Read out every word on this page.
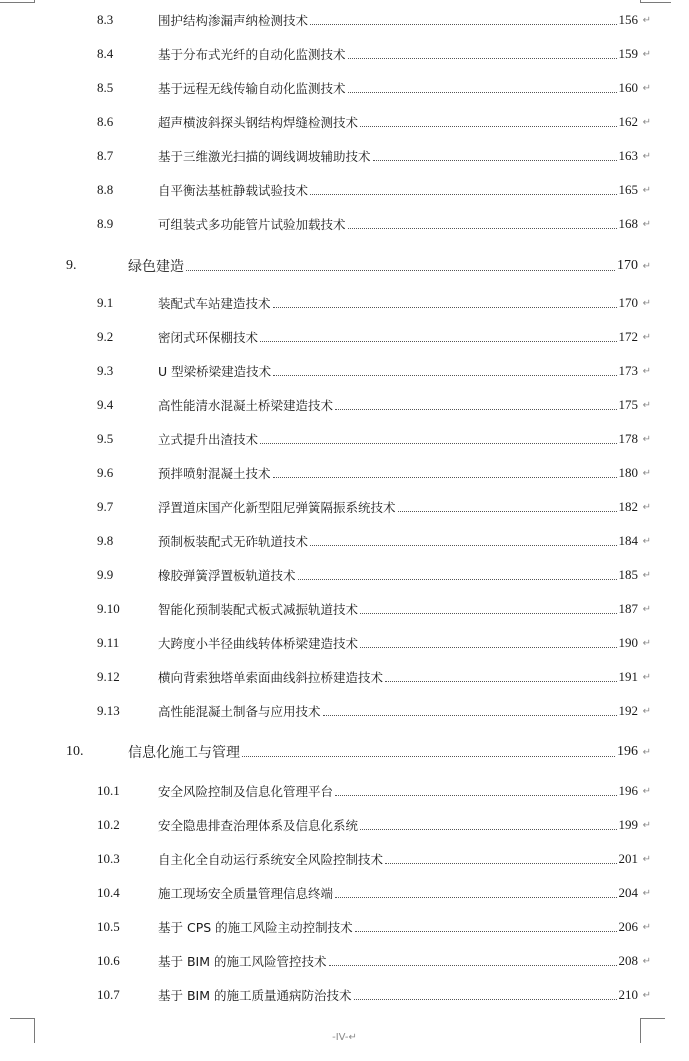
8.3	围护结构渗漏声纳检测技术	156 ↵
8.4	基于分布式光纤的自动化监测技术	159 ↵
8.5	基于远程无线传输自动化监测技术	160 ↵
8.6	超声横波斜探头钢结构焊缝检测技术	162 ↵
8.7	基于三维激光扫描的调线调坡辅助技术	163 ↵
8.8	自平衡法基桩静载试验技术	165 ↵
8.9	可组装式多功能管片试验加载技术	168 ↵
9.	绿色建造	170 ↵
9.1	装配式车站建造技术	170 ↵
9.2	密闭式环保棚技术	172 ↵
9.3	U 型梁桥梁建造技术	173 ↵
9.4	高性能清水混凝土桥梁建造技术	175 ↵
9.5	立式提升出渣技术	178 ↵
9.6	预拌喷射混凝土技术	180 ↵
9.7	浮置道床国产化新型阻尼弹簧隔振系统技术	182 ↵
9.8	预制板装配式无砟轨道技术	184 ↵
9.9	橡胶弹簧浮置板轨道技术	185 ↵
9.10	智能化预制装配式板式减振轨道技术	187 ↵
9.11	大跨度小半径曲线转体桥梁建造技术	190 ↵
9.12	横向背索独塔单索面曲线斜拉桥建造技术	191 ↵
9.13	高性能混凝土制备与应用技术	192 ↵
10.	信息化施工与管理	196 ↵
10.1	安全风险控制及信息化管理平台	196 ↵
10.2	安全隐患排查治理体系及信息化系统	199 ↵
10.3	自主化全自动运行系统安全风险控制技术	201 ↵
10.4	施工现场安全质量管理信息终端	204 ↵
10.5	基于 CPS 的施工风险主动控制技术	206 ↵
10.6	基于 BIM 的施工风险管控技术	208 ↵
10.7	基于 BIM 的施工质量通病防治技术	210 ↵
-IV-↵
